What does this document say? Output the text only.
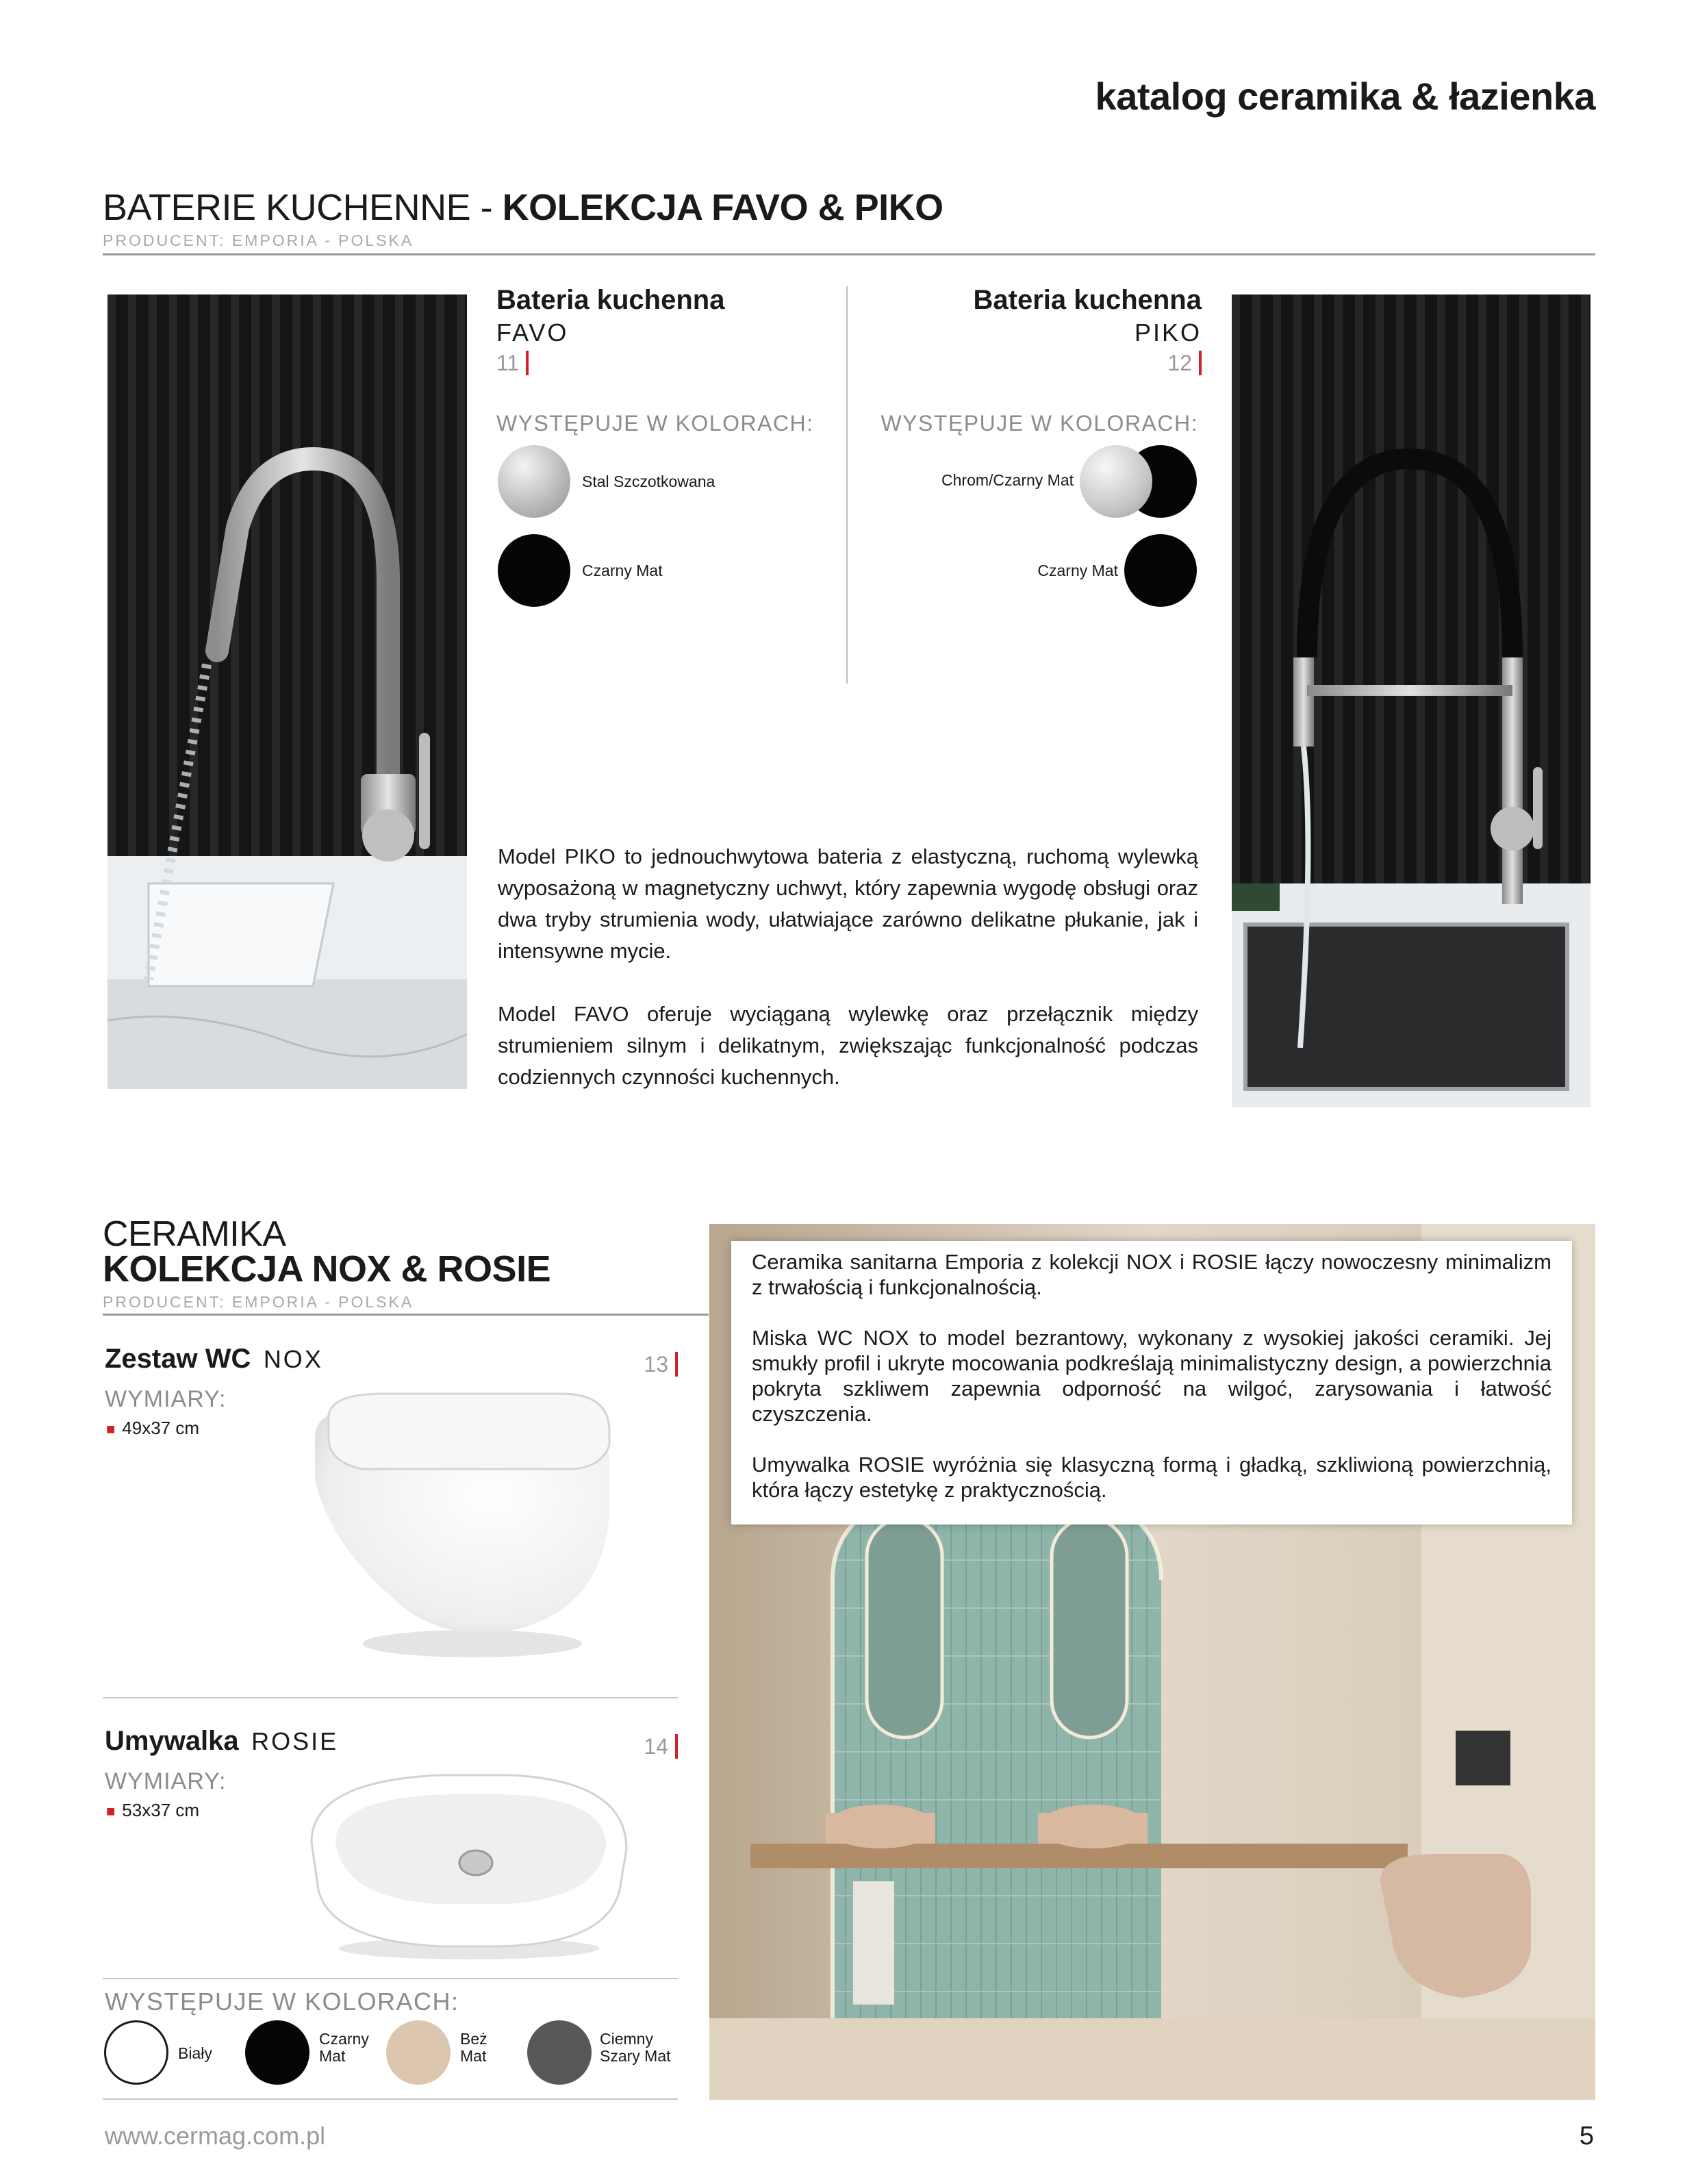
katalog ceramika & łazienka
BATERIE KUCHENNE - KOLEKCJA FAVO & PIKO
PRODUCENT: EMPORIA - POLSKA
Bateria kuchenna
FAVO
11
WYSTĘPUJE W KOLORACH:
Stal Szczotkowana
Czarny Mat
Bateria kuchenna
PIKO
12
WYSTĘPUJE W KOLORACH:
Chrom/Czarny Mat
Czarny Mat

Model PIKO to jednouchwytowa bateria z elastyczną, ruchomą wylewką wyposażoną w magnetyczny uchwyt, który zapewnia wygodę obsługi oraz dwa tryby strumienia wody, ułatwiające zarówno delikatne płukanie, jak i intensywne mycie.

Model FAVO oferuje wyciąganą wylewkę oraz przełącznik między strumieniem silnym i delikatnym, zwiększając funkcjonalność podczas codziennych czynności kuchennych.

CERAMIKA
KOLEKCJA NOX & ROSIE
PRODUCENT: EMPORIA - POLSKA
Zestaw WC NOX	13
WYMIARY:
■ 49x37 cm
Umywalka ROSIE	14
WYMIARY:
■ 53x37 cm
WYSTĘPUJE W KOLORACH:
Biały
Czarny Mat
Beż Mat
Ciemny Szary Mat

Ceramika sanitarna Emporia z kolekcji NOX i ROSIE łączy nowoczesny minimalizm z trwałością i funkcjonalnością.

Miska WC NOX to model bezrantowy, wykonany z wysokiej jakości ceramiki. Jej smukły profil i ukryte mocowania podkreślają minimalistyczny design, a powierzchnia pokryta szkliwem zapewnia odporność na wilgoć, zarysowania i łatwość czyszczenia.

Umywalka ROSIE wyróżnia się klasyczną formą i gładką, szkliwioną powierzchnią, która łączy estetykę z praktycznością.

www.cermag.com.pl	5
